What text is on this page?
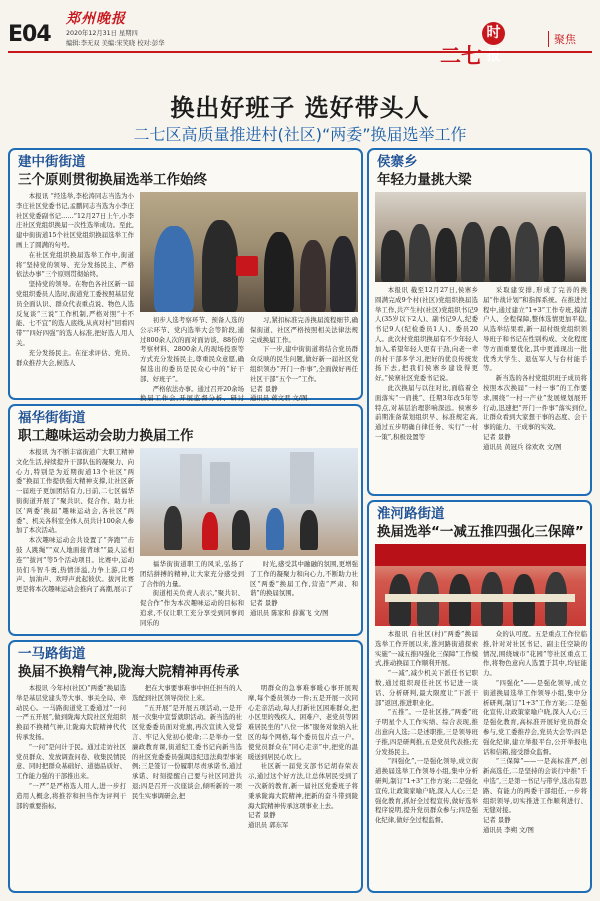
E04
郑州晚报
2020年12月31日 星期四
编辑:李无双 美编:宋笑晓 校对:彭华
二七时报
聚焦
换出好班子 选好带头人
二七区高质量推进村(社区)“两委”换届选举工作
建中街街道
三个原则贯彻换届选举工作始终

本报讯 “经选举,李松涛同志当选为小李庄社区党委书记,孟鹏同志当选为小李庄社区党委副书记……”12月27日上午,小李庄社区党组织换届一次性选举成功。至此,建中街街道15个社区党组织换届选举工作画上了圆满的句号。

在社区党组织换届选举工作中,街道将“坚持党的领导、充分发扬民主、严格依法办事”三个原则贯彻始终。

坚持党的领导。在物色各社区新一届党组织委员人选时,街道党工委按照基层党员全面认识、群众代表重点说、物色人选反复谈“三说”工作机制,严格对照“十不能、七不宜”的选人底线,从真对村“回看四带”“四好四强”的选人标准,把好选人用人关。

充分发扬民主。在征求评估、党员、群众推荐大会,候选人

初步人选考察环节、预备人选的公示环节、党内选举大会等阶段,通过800余人次的面对面访谈、88份的考察材料、2800余人的现场投票等方式充分发扬民主,尊重民众意愿,确保选出的委员是民众心中的“好干部、好班子”。

严格依法办事。通过召开20余场换届工作会,开展监督分析、研讨

习,紧扣标准完善换届流程细节,确保街道、社区严格按照相关法律法规完成换届工作。

下一步,建中街街道将结合党员群众反映的民生问题,做好新一届社区党组织领办“开门一件事”,全面做好再任社区干部“五个一”工作。

记者 景静

通讯员 蒋文君 文/图

侯寨乡
年轻力量挑大梁

本报讯 截至12月27日,侯寨乡圆满完成9个村(社区)党组织换届选举工作,共产生村(社区)党组织书记9人(35岁以下2人)、副书记9人,纪委书记9人(纪检委员1人)、委员20人。此次村党组织换届有不少年轻人加入,希望年轻人更有干劲,向老一辈的村干部多学习,把好的优良传统发扬下去,把我们侯寨乡建设得更好。”侯寨社区党委书记说。

此次换届与以往对比,面临着全面落实“一肩挑”、任期3年改5年等特点,对基层治理影响深远。侯寨乡前期准备谋划组织早、标准规定高,通过五步明确自律任务、实行“一村一策”,积极设置等

采取建安排,形成了完善的换届“作战计划”和指挥系统。在推进过程中,通过建立“1+3”工作专班,摸清户人、全程保障,整体选情更加平稳,从选举结果看,新一届村级党组织领导班子和书记在性别构成、文化程度等方面重要优化,其中更涌现出一批优秀大学生、退伍军人与台村能手等。

新当选的各村党组织班子成员将按照本次换届“一村一事”的工作要求,围绕“一村一产业”发展规划展开行动,迅速把“开门一件事”落实到位,让群众看到大家想干事的态度、会干事的能力、干成事的实效。

记者 景静

通讯员 黄冠兵 徐欢欢 文/图

福华街街道
职工趣味运动会助力换届工作

本报讯 为不断丰富街道广大职工精神文化生活,持续提升干部队伍的凝聚力、向心力,特别是为近期街道13个社区“两委”换届工作提供强大精神支撑,让社区新一届班子更加团结有力,日前,二七区福华街街道开展了“聚共识、促合作、助力社区‘两委’换届”趣味运动会,各社区“两委”、机关各科室全体人员共计100余人参加了本次活动。

本次趣味运动会共设置了“奔跑”“击鼓 人跳绳”“双人地面接背球”“最人运相连”“拔河”等5个活动项目。比赛中,运动员们斗智斗勇,热情洋溢,力争上游,口号声、加油声、欢呼声此起彼伏。拔河比赛更是将本次趣味运动会推向了高潮,展示了

福华街街道职工的风采,弘扬了团结拼搏的精神,让大家充分感受到了合作的力量。

街道相关负责人表示,“聚共识、促合作”作为本次趣味运动的目标和追求,不仅让职工充分享受到同事间同乐的

时光,感受其中融融的氛围,更增强了工作的凝聚力和向心力,不断助力社区“两委”换届工作,营造“严肃、和谐”的换届氛围。

记者 景静

通讯员 陈家和 薛翼飞 文/图

淮河路街道
换届选举“一减五推四强化三保障”

本报讯 自社区(村)“两委”换届选举工作开展以来,淮河路街道探索实施“一减五推四强化三保障”工作模式,推动换届工作顺利开展。

“一减”,减少机关下派任书记职数,通过组织现任社区书记进一谈话、分析研判,最大限度让“下派干部”返回,推进职业化。

“五推”。一是社区推,“两委”班子明星个人工作实绩、综合表现,推出意向人选;二是述职推,三是领导班子推,四是研判推,五是党员代表推;充分发扬民主。

“四强化”,一是强化领导,成立街道换届选举工作领导小组,集中分析研判,制订“1+3”工作方案;二是强化宣传,让政策家喻户晓,深入人心;三是强化教育,抓好全过程宣传,做好选举程序说明,提升党员群众参与;四是强化纪律,做好全过程监督。

众的认可度。五是重点工作位临推,针对对社区书记、副主任空缺的情况,围绕城市“花园”等社区重点工作,将物色意向人选置于其中,均征能力。

“四强化”——是强化领导,成立街道换届选举工作领导小组,集中分析研判,制订“1+3”工作方案;二是强化宣传,让政策家喻户晓,深入人心;三是强化教育,高标准开展好党员群众参与,党工委推荐会,党员大会等;四是强化纪律,建立举报平台,公开举报电话和信箱,接受群众监督。

“三保障”——一是高标准严,创新高选任,二是坚持的会谈行中推“千申选”,三是第一书记与带学,选出有思路、有能力的两委干部组任,一步将组织领导,切实推进工作顺利进行、无缝对接。

记者 景静

通讯员 李朔 文/图

一马路街道
换届不换精气神,陇海大院精神再传承

本报讯 今年村(社区)“两委”换届选举是基层党建头等大事、事关全局、牵动民心。一马路街道党工委通过“一问一严五开展”,做到陇海大院社区党组织换届不换精气神,让陇海大院精神代代传承发扬。

“一问”是问计于民。通过走访社区党员群众、发放调查问卷、收集民情民意、同时把群众基础好、道德品质好、工作能力强的干部推出来。

“一严”是严格选人用人,进一步打造用人概念,将推荐和担当作为评判干部的重要指标,

把在大事要事难事中担任担当的人选配到社区领导岗位上来。

“五开展”是开展五项活动,一是开展一次集中宣誓就职活动。新当选的社区党委委员面对党旗,再次宣读入党誓言、牢记入党初心使命;二是举办一堂廉政教育课,街道纪工委书记向新当选的社区党委委员强调违纪违法典型事案例;三是签订一份履职尽责承诺书,通过承诺、时刻提醒自己要与社区同进共退;四是召开一次座谈会,倾听新的一项民生实事调研会,把

明群众的急事难事暖心事开展观摩,每个委员领办一件;五是开展一次同心走亲活动,每人打新社区困难群众,把小区里的残疾人、困难户、老党员等困难居民坐的“八位一体”服务对象纳入社区的每个网格,每个委员包片点一户。使党员群众在“同心走亲”中,把党的温暖送到居民心坎上。

社区新一届党支部书记胡春荣表示,通过这个好方法,让总体居民受到了一次新的教育,新一届社区党委班子将秉承陇海大院精神,把新的奋斗带到陇海大院精神传承这项事业上去。

记者 景静

通讯员 郭东军
